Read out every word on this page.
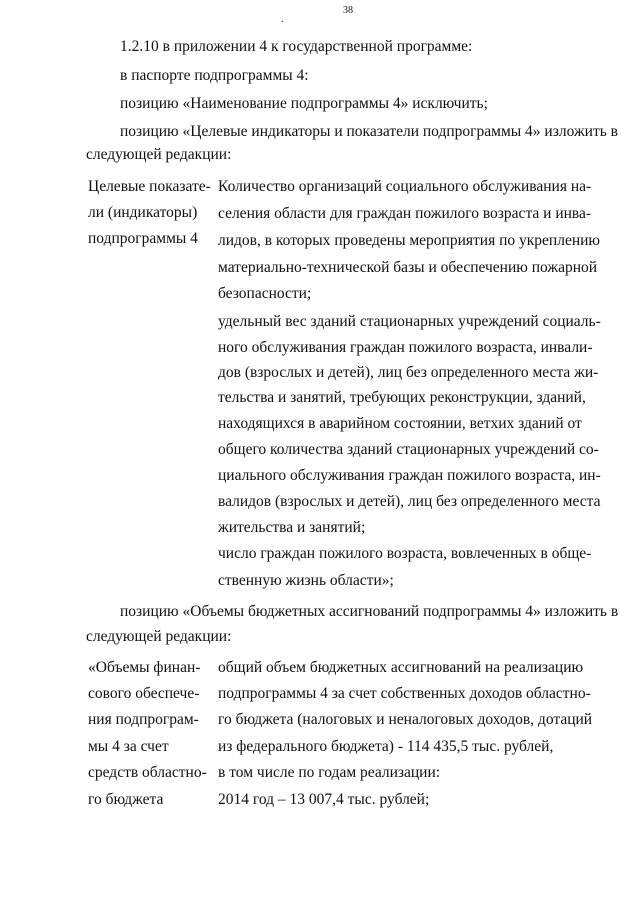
38
.
1.2.10 в приложении 4 к государственной программе:
в паспорте подпрограммы 4:
позицию «Наименование подпрограммы 4» исключить;
позицию «Целевые индикаторы и показатели подпрограммы 4» изложить в
следующей редакции:
Целевые показате-
ли (индикаторы)
подпрограммы 4
Количество организаций социального обслуживания на-
селения области для граждан пожилого возраста и инва-
лидов, в которых проведены мероприятия по укреплению
материально-технической базы и обеспечению пожарной
безопасности;
удельный вес зданий стационарных учреждений социаль-
ного обслуживания граждан пожилого возраста, инвали-
дов (взрослых и детей), лиц без определенного места жи-
тельства и занятий, требующих реконструкции, зданий,
находящихся в аварийном состоянии, ветхих зданий от
общего количества зданий стационарных учреждений со-
циального обслуживания граждан пожилого возраста, ин-
валидов (взрослых и детей), лиц без определенного места
жительства и занятий;
число граждан пожилого возраста, вовлеченных в обще-
ственную жизнь области»;
позицию «Объемы бюджетных ассигнований подпрограммы 4» изложить в
следующей редакции:
«Объемы финан-
сового обеспече-
ния подпрограм-
мы 4 за счет
средств областно-
го бюджета
общий объем бюджетных ассигнований на реализацию
подпрограммы 4 за счет собственных доходов областно-
го бюджета (налоговых и неналоговых доходов, дотаций
из федерального бюджета) - 114 435,5 тыс. рублей,
в том числе по годам реализации:
2014 год – 13 007,4 тыс. рублей;
